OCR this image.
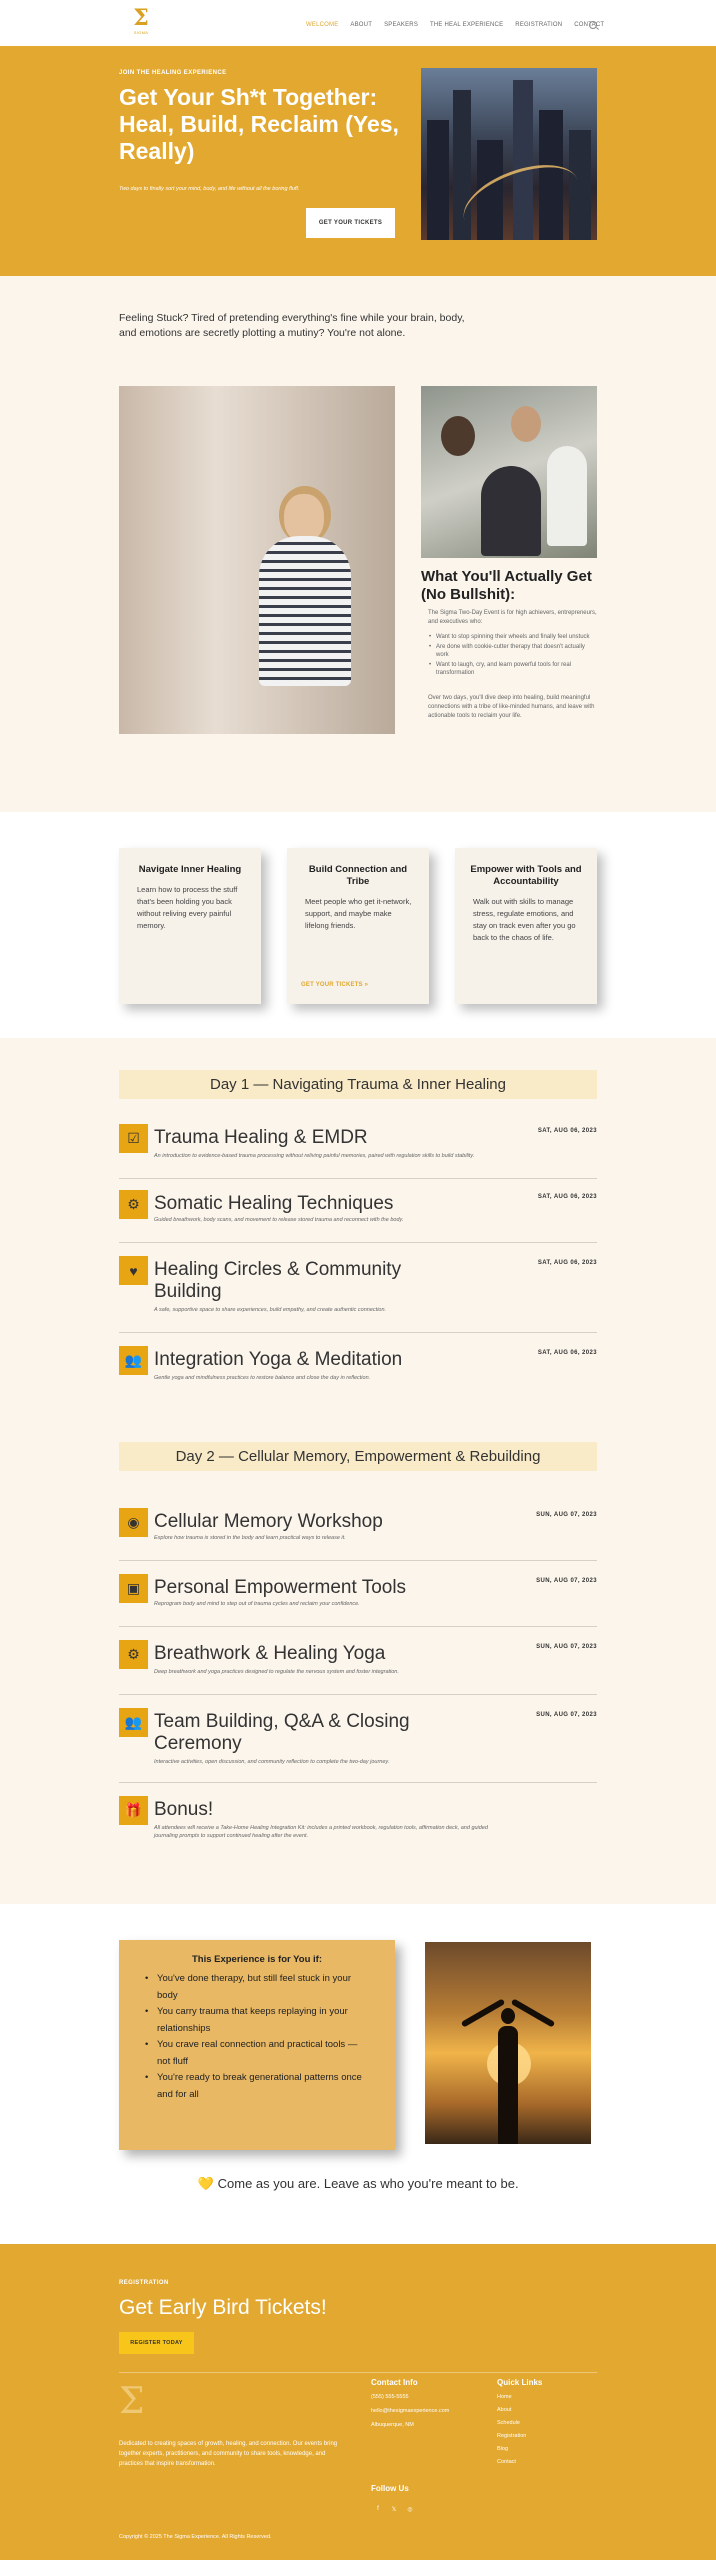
Σ
SIGMA
WELCOME ABOUT SPEAKERS THE HEAL EXPERIENCE REGISTRATION CONTACT
JOIN THE HEALING EXPERIENCE
Get Your Sh*t Together: Heal, Build, Reclaim (Yes, Really)
Two days to finally sort your mind, body, and life without all the boring fluff.
GET YOUR TICKETS

Feeling Stuck? Tired of pretending everything's fine while your brain, body, and emotions are secretly plotting a mutiny? You're not alone.

What You'll Actually Get (No Bullshit):

The Sigma Two-Day Event is for high achievers, entrepreneurs, and executives who:

• Want to stop spinning their wheels and finally feel unstuck
• Are done with cookie-cutter therapy that doesn't actually work
• Want to laugh, cry, and learn powerful tools for real transformation

Over two days, you'll dive deep into healing, build meaningful connections with a tribe of like-minded humans, and leave with actionable tools to reclaim your life.

Navigate Inner Healing

Learn how to process the stuff that's been holding you back without reliving every painful memory.

Build Connection and Tribe

Meet people who get it-network, support, and maybe make lifelong friends.

GET YOUR TICKETS »
Empower with Tools and Accountability

Walk out with skills to manage stress, regulate emotions, and stay on track even after you go back to the chaos of life.

Day 1 — Navigating Trauma & Inner Healing
☑ Trauma Healing & EMDR	SAT, AUG 06, 2023
An introduction to evidence-based trauma processing without reliving painful memories, paired with regulation skills to build stability.
⚙ Somatic Healing Techniques	SAT, AUG 06, 2023
Guided breathwork, body scans, and movement to release stored trauma and reconnect with the body.
♥ Healing Circles & Community Building
SAT, AUG 06, 2023
A safe, supportive space to share experiences, build empathy, and create authentic connection.
👥 Integration Yoga & Meditation	SAT, AUG 06, 2023
Gentle yoga and mindfulness practices to restore balance and close the day in reflection.
Day 2 — Cellular Memory, Empowerment & Rebuilding
◉ Cellular Memory Workshop	SUN, AUG 07, 2023
Explore how trauma is stored in the body and learn practical ways to release it.
▣ Personal Empowerment Tools	SUN, AUG 07, 2023
Reprogram body and mind to step out of trauma cycles and reclaim your confidence.
⚙ Breathwork & Healing Yoga	SUN, AUG 07, 2023
Deep breathwork and yoga practices designed to regulate the nervous system and foster integration.
👥 Team Building, Q&A & Closing Ceremony
SUN, AUG 07, 2023
Interactive activities, open discussion, and community reflection to complete the two-day journey.
🎁 Bonus!
All attendees will receive a Take-Home Healing Integration Kit: includes a printed workbook, regulation tools, affirmation deck, and guided journaling prompts to support continued healing after the event.
This Experience is for You if:
• You've done therapy, but still feel stuck in your body
• You carry trauma that keeps replaying in your relationships
• You crave real connection and practical tools — not fluff
• You're ready to break generational patterns once and for all
💛 Come as you are. Leave as who you're meant to be.
REGISTRATION
Get Early Bird Tickets!
REGISTER TODAY
Σ

Dedicated to creating spaces of growth, healing, and connection. Our events bring together experts, practitioners, and community to share tools, knowledge, and practices that inspire transformation.

Contact Info
(555) 555-5555
hello@thesigmaexperience.com
Albuquerque, NM
Follow Us
f	𝕏	◎
Quick Links
Home
About
Schedule
Registration
Blog
Contact
Copyright © 2025 The Sigma Experience. All Rights Reserved.
